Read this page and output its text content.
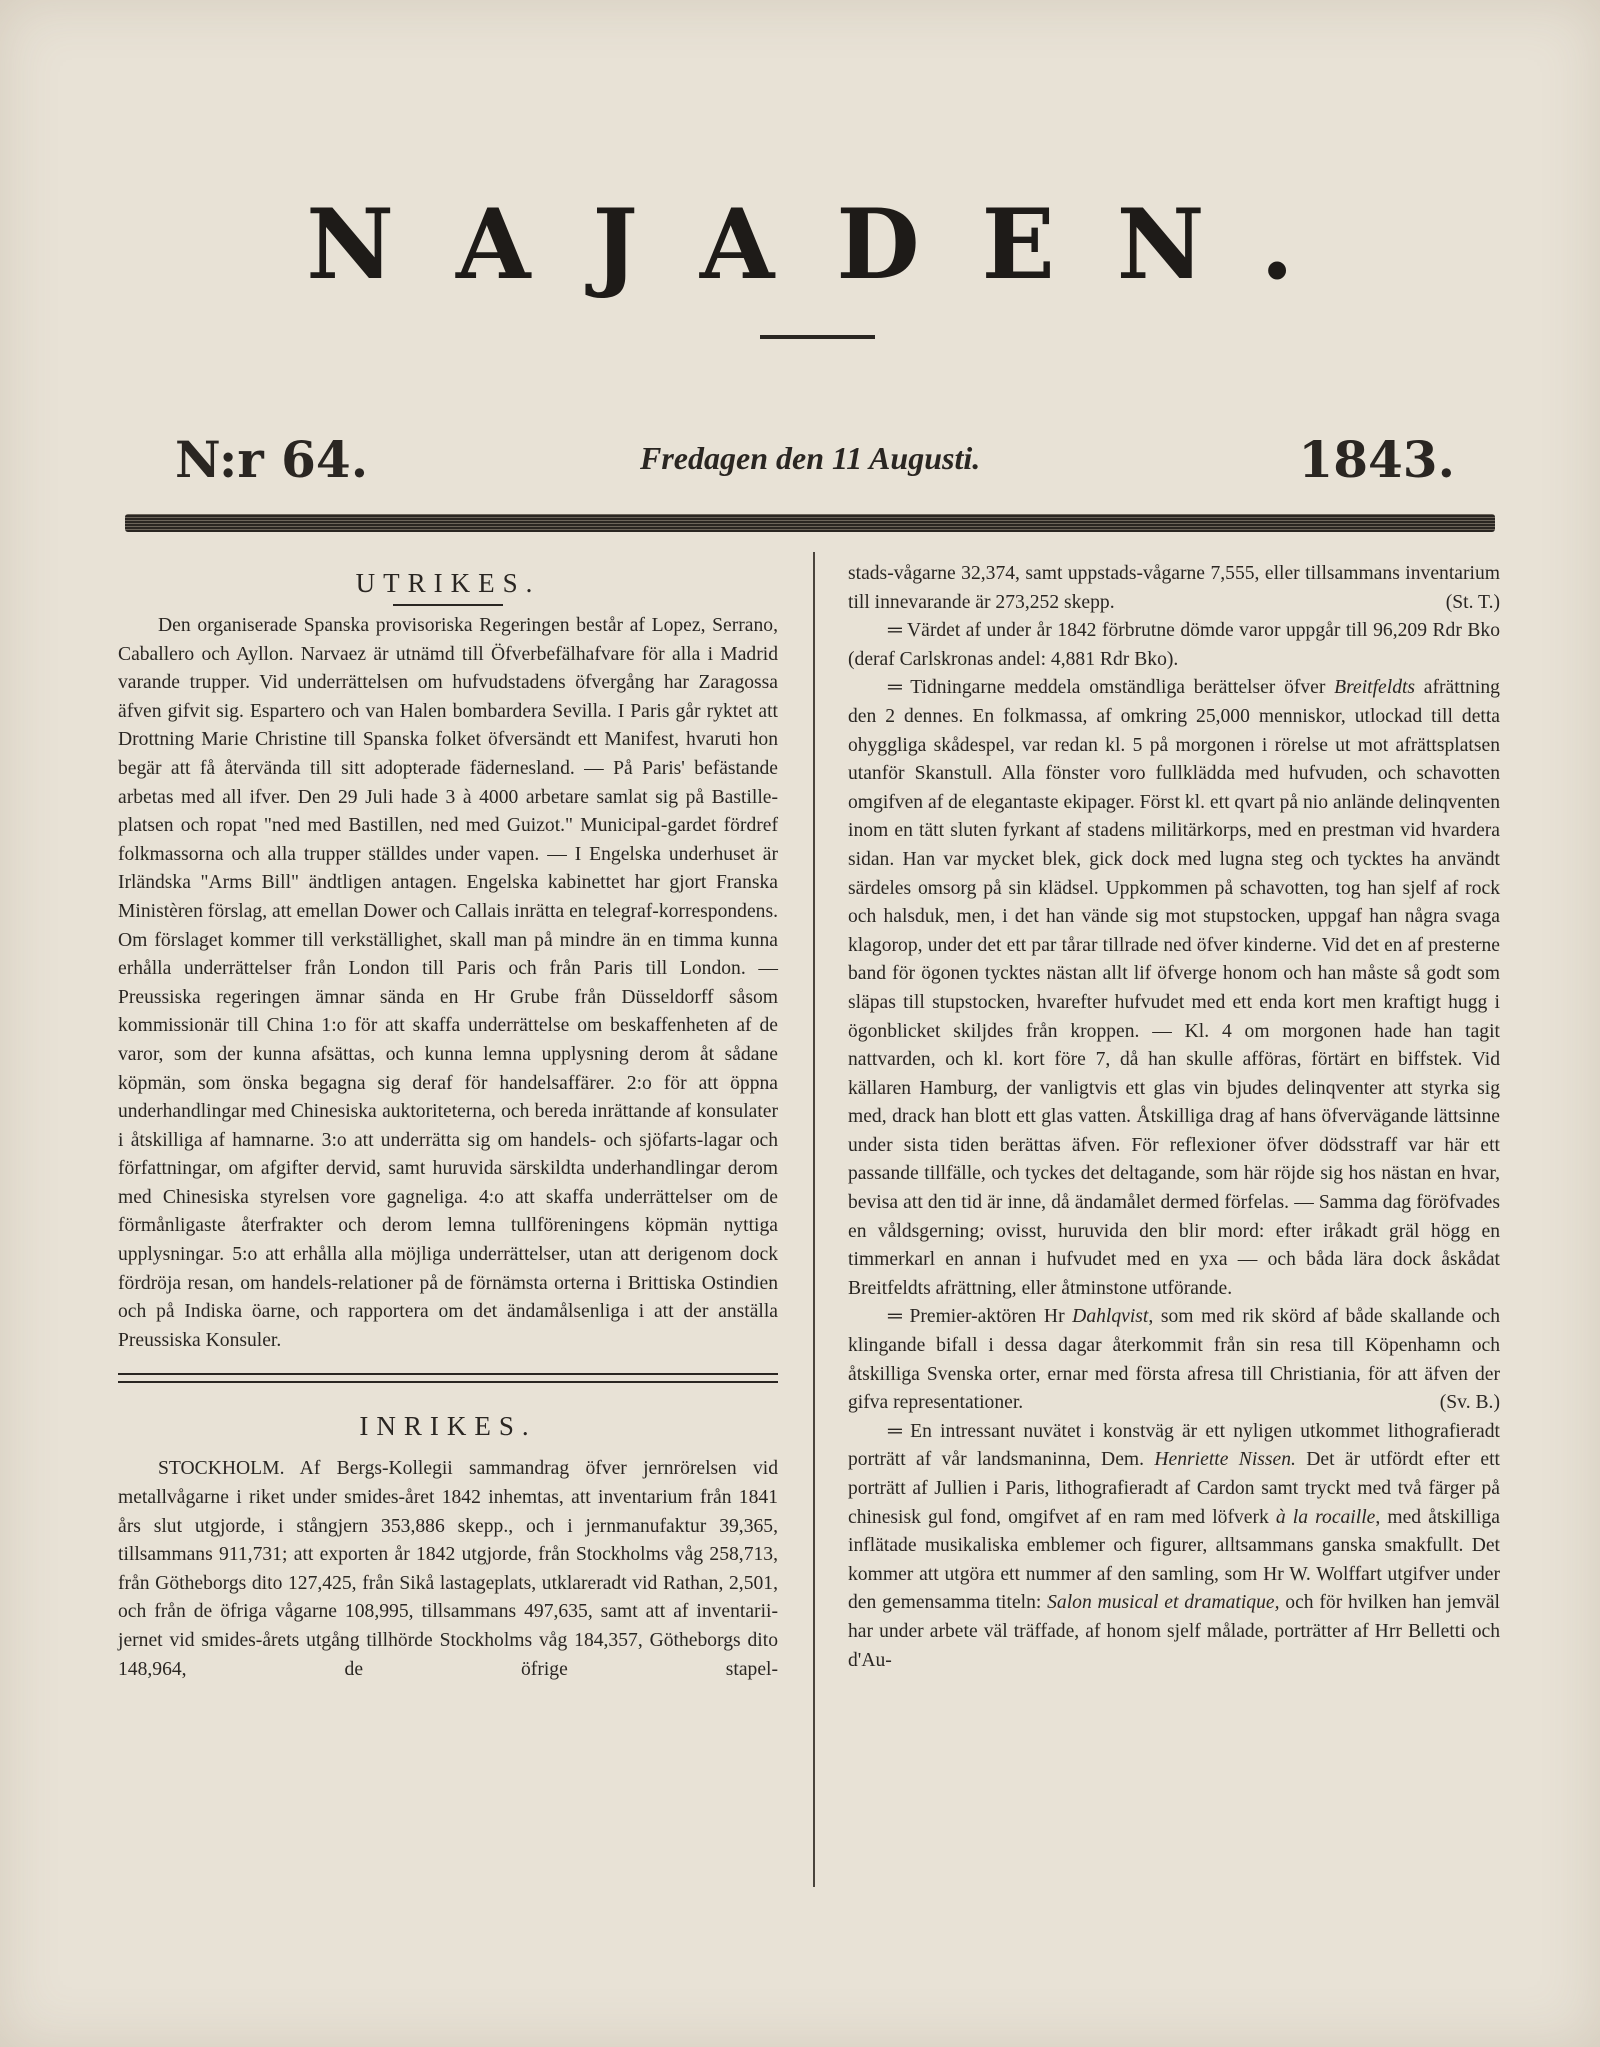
NAJADEN.
N:r 64.	Fredagen den 11 Augusti.	1843.
UTRIKES.

Den organiserade Spanska provisoriska Regeringen består af Lopez, Serrano, Caballero och Ayllon. Narvaez är utnämd till Öfverbefälhafvare för alla i Madrid varande trupper. Vid underrättelsen om hufvudstadens öfvergång har Zaragossa äfven gifvit sig. Espartero och van Halen bombardera Sevilla. I Paris går ryktet att Drottning Marie Christine till Spanska folket öfversändt ett Manifest, hvaruti hon begär att få återvända till sitt adopterade fädernesland. — På Paris' befästande arbetas med all ifver. Den 29 Juli hade 3 à 4000 arbetare samlat sig på Bastille-platsen och ropat "ned med Bastillen, ned med Guizot." Municipal-gardet fördref folkmassorna och alla trupper ställdes under vapen. — I Engelska underhuset är Irländska "Arms Bill" ändtligen antagen. Engelska kabinettet har gjort Franska Ministèren förslag, att emellan Dower och Callais inrätta en telegraf-korrespondens. Om förslaget kommer till verkställighet, skall man på mindre än en timma kunna erhålla underrättelser från London till Paris och från Paris till London. — Preussiska regeringen ämnar sända en Hr Grube från Düsseldorff såsom kommissionär till China 1:o för att skaffa underrättelse om beskaffenheten af de varor, som der kunna afsättas, och kunna lemna upplysning derom åt sådane köpmän, som önska begagna sig deraf för handelsaffärer. 2:o för att öppna underhandlingar med Chinesiska auktoriteterna, och bereda inrättande af konsulater i åtskilliga af hamnarne. 3:o att underrätta sig om handels- och sjöfarts-lagar och författningar, om afgifter dervid, samt huruvida särskildta underhandlingar derom med Chinesiska styrelsen vore gagneliga. 4:o att skaffa underrättelser om de förmånligaste återfrakter och derom lemna tullföreningens köpmän nyttiga upplysningar. 5:o att erhålla alla möjliga underrättelser, utan att derigenom dock fördröja resan, om handels-relationer på de förnämsta orterna i Brittiska Ostindien och på Indiska öarne, och rapportera om det ändamålsenliga i att der anställa Preussiska Konsuler.

INRIKES.

STOCKHOLM. Af Bergs-Kollegii sammandrag öfver jernrörelsen vid metallvågarne i riket under smides-året 1842 inhemtas, att inventarium från 1841 års slut utgjorde, i stångjern 353,886 skepp., och i jernmanufaktur 39,365, tillsammans 911,731; att exporten år 1842 utgjorde, från Stockholms våg 258,713, från Götheborgs dito 127,425, från Sikå lastageplats, utklareradt vid Rathan, 2,501, och från de öfriga vågarne 108,995, tillsammans 497,635, samt att af inventarii-jernet vid smides-årets utgång tillhörde Stockholms våg 184,357, Götheborgs dito 148,964, de öfrige stapel-

stads-vågarne 32,374, samt uppstads-vågarne 7,555, eller tillsammans inventarium till innevarande är 273,252 skepp.	(St. T.)

═ Värdet af under år 1842 förbrutne dömde varor uppgår till 96,209 Rdr Bko (deraf Carlskronas andel: 4,881 Rdr Bko).

═ Tidningarne meddela omständliga berättelser öfver Breitfeldts afrättning den 2 dennes. En folkmassa, af omkring 25,000 menniskor, utlockad till detta ohyggliga skådespel, var redan kl. 5 på morgonen i rörelse ut mot afrättsplatsen utanför Skanstull. Alla fönster voro fullklädda med hufvuden, och schavotten omgifven af de elegantaste ekipager. Först kl. ett qvart på nio anlände delinqventen inom en tätt sluten fyrkant af stadens militärkorps, med en prestman vid hvardera sidan. Han var mycket blek, gick dock med lugna steg och tycktes ha användt särdeles omsorg på sin klädsel. Uppkommen på schavotten, tog han sjelf af rock och halsduk, men, i det han vände sig mot stupstocken, uppgaf han några svaga klagorop, under det ett par tårar tillrade ned öfver kinderne. Vid det en af presterne band för ögonen tycktes nästan allt lif öfverge honom och han måste så godt som släpas till stupstocken, hvarefter hufvudet med ett enda kort men kraftigt hugg i ögonblicket skiljdes från kroppen. — Kl. 4 om morgonen hade han tagit nattvarden, och kl. kort före 7, då han skulle afföras, förtärt en biffstek. Vid källaren Hamburg, der vanligtvis ett glas vin bjudes delinqventer att styrka sig med, drack han blott ett glas vatten. Åtskilliga drag af hans öfvervägande lättsinne under sista tiden berättas äfven. För reflexioner öfver dödsstraff var här ett passande tillfälle, och tyckes det deltagande, som här röjde sig hos nästan en hvar, bevisa att den tid är inne, då ändamålet dermed förfelas. — Samma dag föröfvades en våldsgerning; ovisst, huruvida den blir mord: efter iråkadt gräl högg en timmerkarl en annan i hufvudet med en yxa — och båda lära dock åskådat Breitfeldts afrättning, eller åtminstone utförande.

═ Premier-aktören Hr Dahlqvist, som med rik skörd af både skallande och klingande bifall i dessa dagar återkommit från sin resa till Köpenhamn och åtskilliga Svenska orter, ernar med första afresa till Christiania, för att äfven der gifva representationer.	(Sv. B.)

═ En intressant nuvätet i konstväg är ett nyligen utkommet lithografieradt porträtt af vår landsmaninna, Dem. Henriette Nissen. Det är utfördt efter ett porträtt af Jullien i Paris, lithografieradt af Cardon samt tryckt med två färger på chinesisk gul fond, omgifvet af en ram med löfverk à la rocaille, med åtskilliga inflätade musikaliska emblemer och figurer, alltsammans ganska smakfullt. Det kommer att utgöra ett nummer af den samling, som Hr W. Wolffart utgifver under den gemensamma titeln: Salon musical et dramatique, och för hvilken han jemväl har under arbete väl träffade, af honom sjelf målade, porträtter af Hrr Belletti och d'Au-
